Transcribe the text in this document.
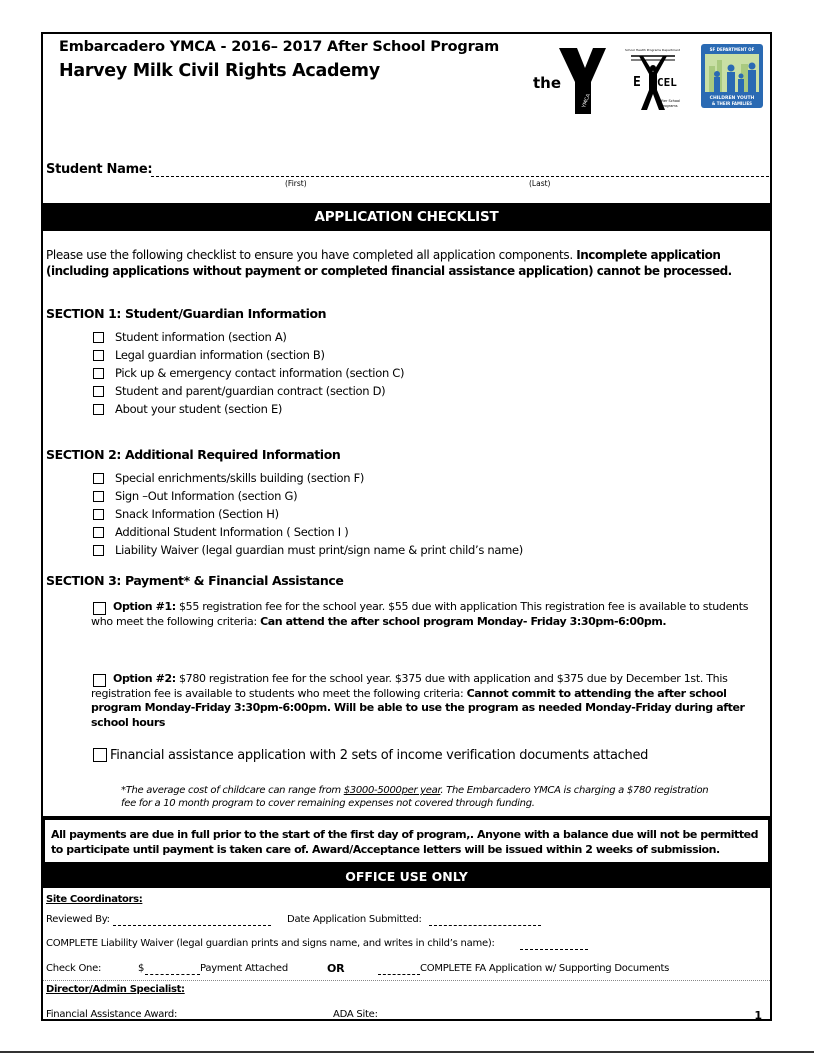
Embarcadero YMCA - 2016– 2017 After School Program
Harvey Milk Civil Rights Academy
the
YMCA
School Health Programs Department
E CEL
After School
Programs
SF DEPARTMENT OF
CHILDREN YOUTH
& THEIR FAMILIES
Student Name:
(First)	(Last)
APPLICATION CHECKLIST
Please use the following checklist to ensure you have completed all application components. Incomplete application (including applications without payment or completed financial assistance application) cannot be processed.
SECTION 1: Student/Guardian Information
Student information (section A)
Legal guardian information (section B)
Pick up & emergency contact information (section C)
Student and parent/guardian contract (section D)
About your student (section E)
SECTION 2: Additional Required Information
Special enrichments/skills building (section F)
Sign –Out Information (section G)
Snack Information (Section H)
Additional Student Information ( Section I )
Liability Waiver (legal guardian must print/sign name & print child’s name)
SECTION 3: Payment* & Financial Assistance
Option #1: $55 registration fee for the school year. $55 due with application This registration fee is available to students who meet the following criteria: Can attend the after school program Monday- Friday 3:30pm-6:00pm.
Option #2: $780 registration fee for the school year. $375 due with application and $375 due by December 1st. This registration fee is available to students who meet the following criteria: Cannot commit to attending the after school program Monday-Friday 3:30pm-6:00pm. Will be able to use the program as needed Monday-Friday during after school hours
Financial assistance application with 2 sets of income verification documents attached
*The average cost of childcare can range from $3000-5000per year. The Embarcadero YMCA is charging a $780 registration fee for a 10 month program to cover remaining expenses not covered through funding.
All payments are due in full prior to the start of the first day of program,. Anyone with a balance due will not be permitted to participate until payment is taken care of. Award/Acceptance letters will be issued within 2 weeks of submission.
OFFICE USE ONLY
Site Coordinators:
Reviewed By:	Date Application Submitted:
COMPLETE Liability Waiver (legal guardian prints and signs name, and writes in child’s name):
Check One:	$	Payment Attached	OR	COMPLETE FA Application w/ Supporting Documents
Director/Admin Specialist:
Financial Assistance Award:	ADA Site:	1
